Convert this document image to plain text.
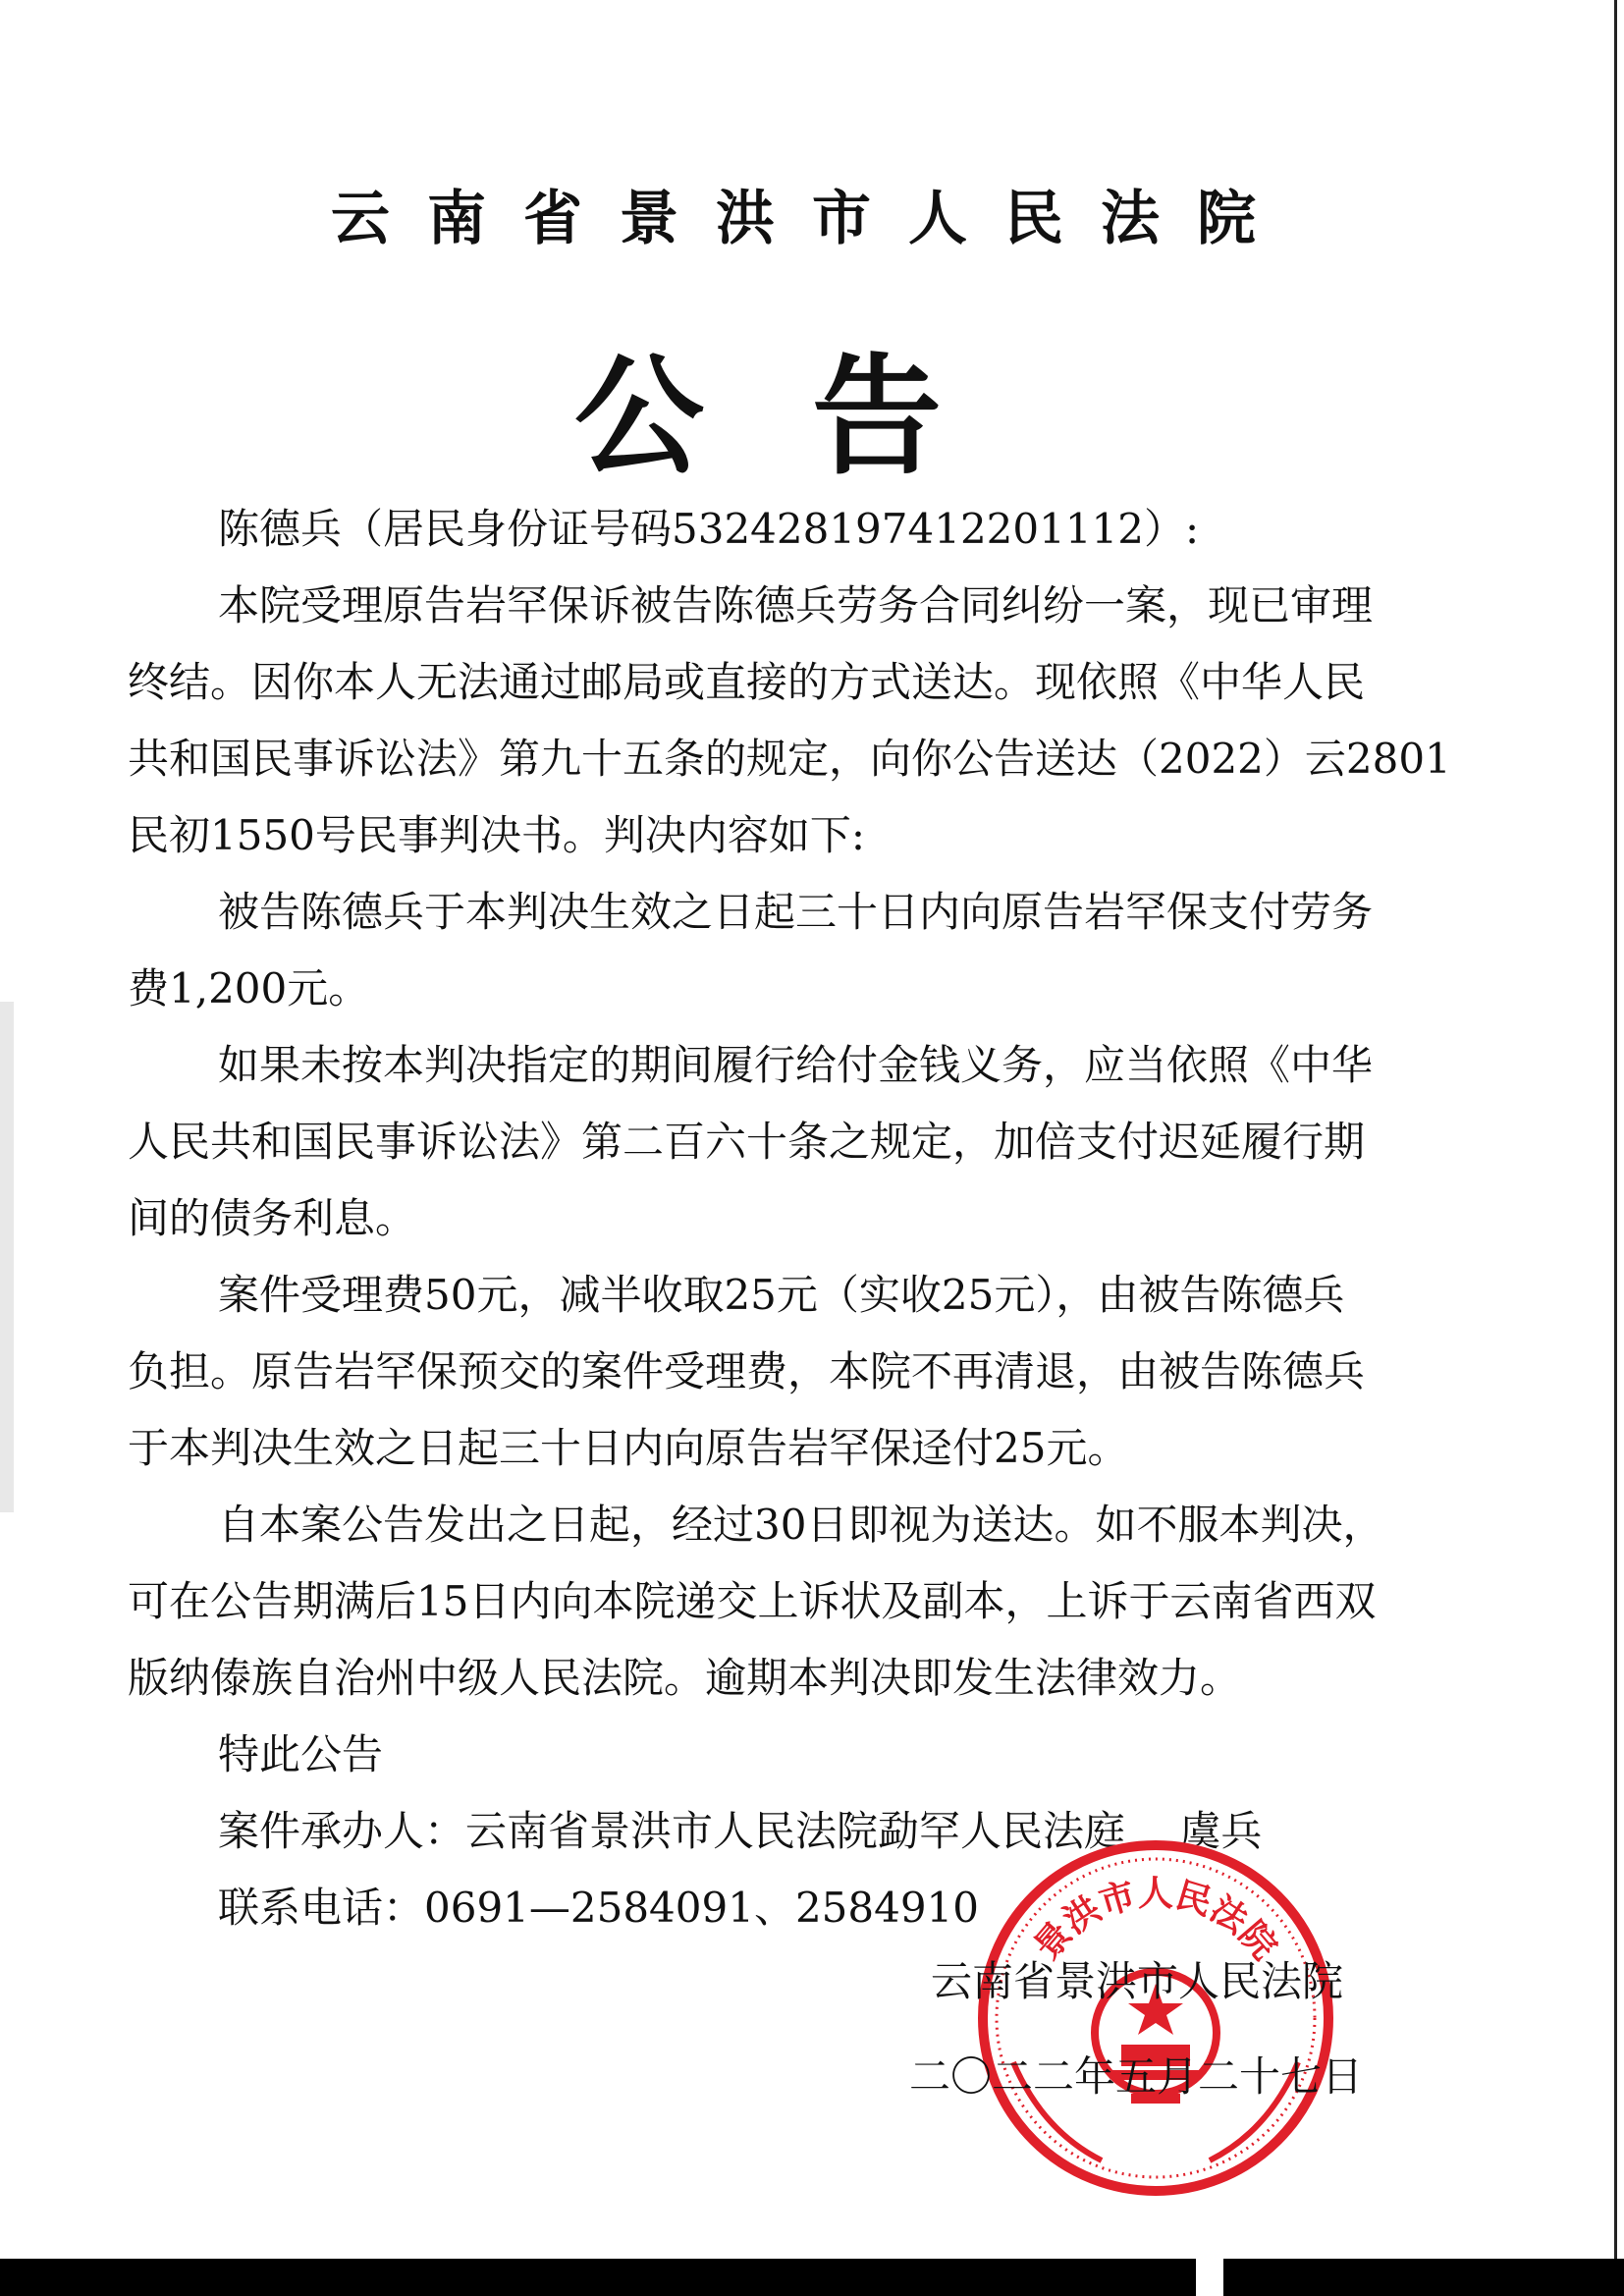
云南省景洪市人民法院
公告

陈德兵（居民身份证号码532428197412201112）:

本院受理原告岩罕保诉被告陈德兵劳务合同纠纷一案，现已审理

终结。因你本人无法通过邮局或直接的方式送达。现依照《中华人民

共和国民事诉讼法》第九十五条的规定，向你公告送达（2022）云2801

民初1550号民事判决书。判决内容如下:

被告陈德兵于本判决生效之日起三十日内向原告岩罕保支付劳务

费1,200元。

如果未按本判决指定的期间履行给付金钱义务，应当依照《中华

人民共和国民事诉讼法》第二百六十条之规定，加倍支付迟延履行期

间的债务利息。

案件受理费50元，减半收取25元（实收25元），由被告陈德兵

负担。原告岩罕保预交的案件受理费，本院不再清退，由被告陈德兵

于本判决生效之日起三十日内向原告岩罕保迳付25元。

自本案公告发出之日起，经过30日即视为送达。如不服本判决，

可在公告期满后15日内向本院递交上诉状及副本，上诉于云南省西双

版纳傣族自治州中级人民法院。逾期本判决即发生法律效力。

特此公告

案件承办人：云南省景洪市人民法院勐罕人民法庭　 虞兵

联系电话：0691—2584091、2584910

景洪市人民法院
云南省景洪市人民法院
二〇二二年五月二十七日
